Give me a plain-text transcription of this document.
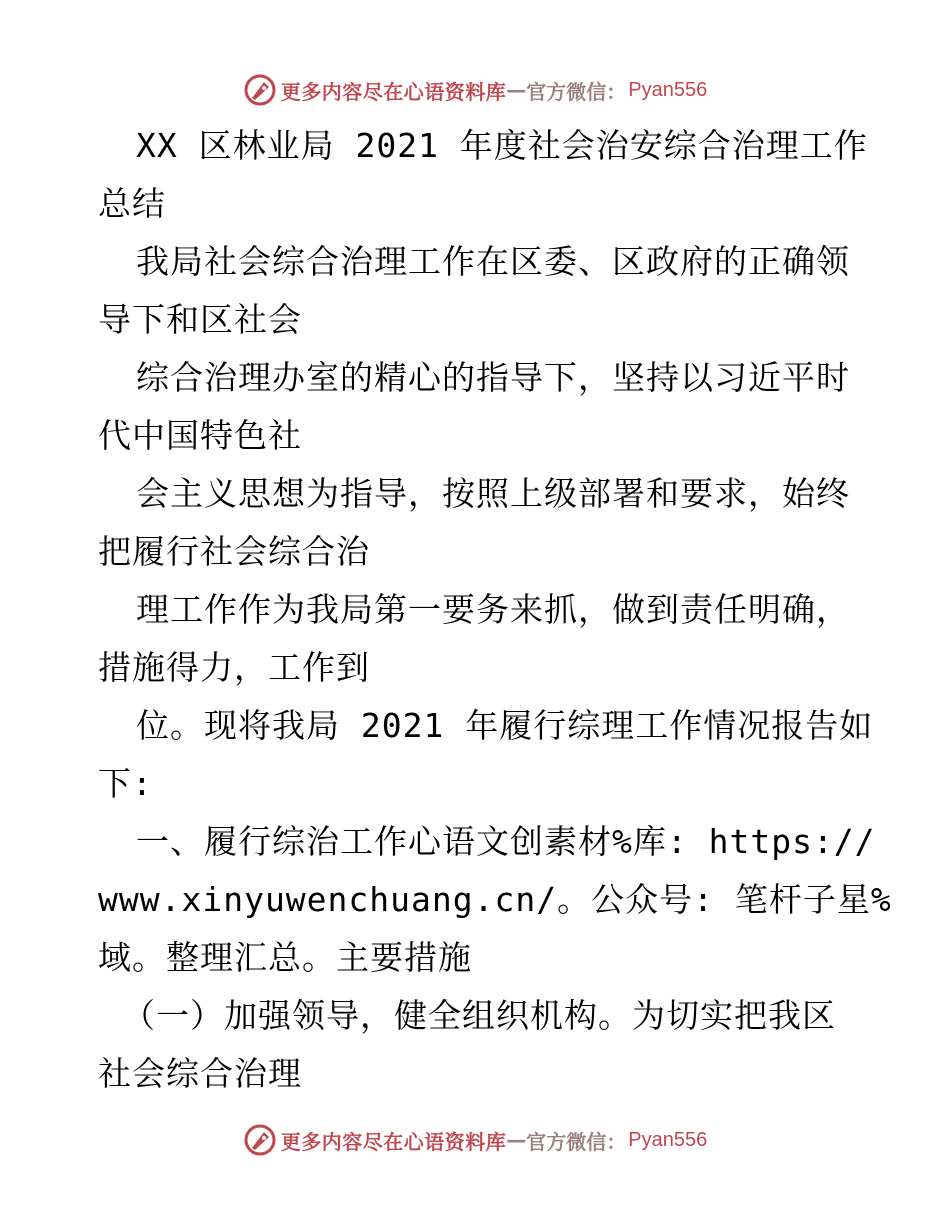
更多内容尽在心语资料库 — 官方微信： Pyan556
XX 区林业局 2021 年度社会治安综合治理工作
总结
我局社会综合治理工作在区委、区政府的正确领
导下和区社会
综合治理办室的精心的指导下，坚持以习近平时
代中国特色社
会主义思想为指导，按照上级部署和要求，始终
把履行社会综合治
理工作作为我局第一要务来抓，做到责任明确，
措施得力，工作到
位。现将我局 2021 年履行综理工作情况报告如
下:
一、履行综治工作心语文创素材%库: https://
www.xinyuwenchuang.cn/。公众号: 笔杆子星%
域。整理汇总。主要措施
（一）加强领导，健全组织机构。为切实把我区
社会综合治理
更多内容尽在心语资料库 — 官方微信： Pyan556
